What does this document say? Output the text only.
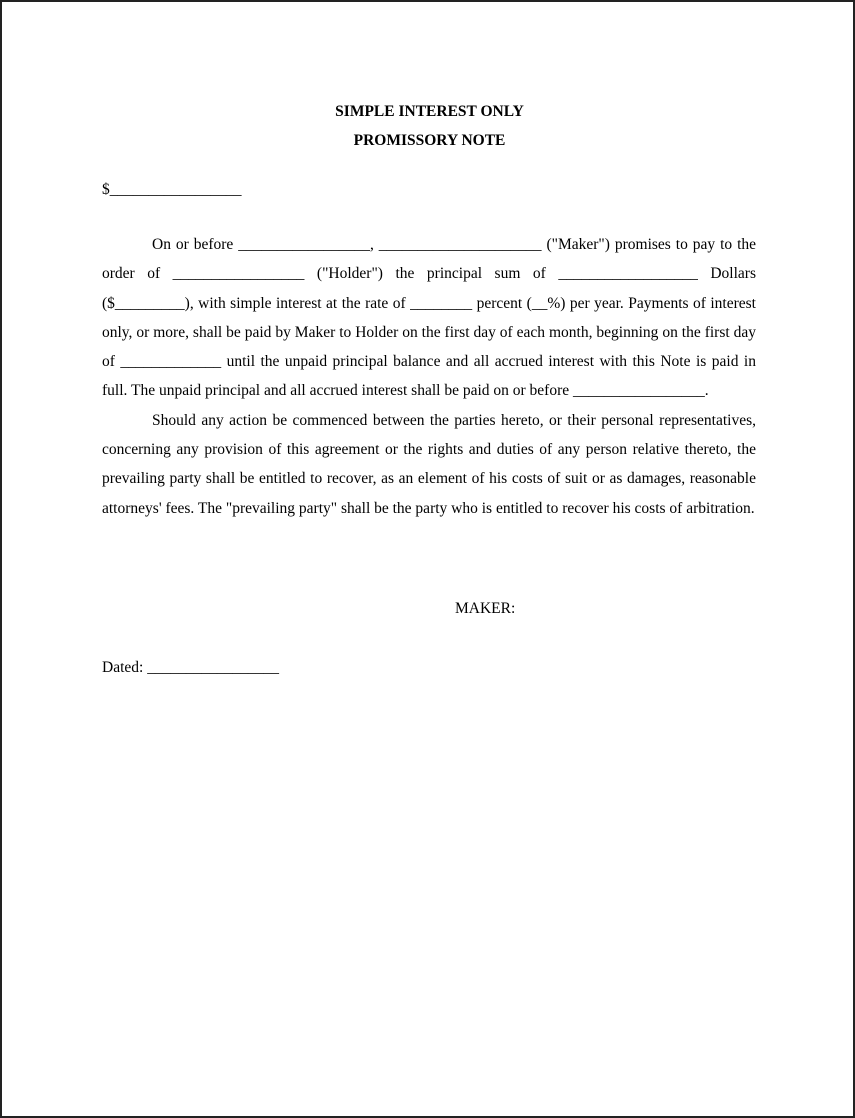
SIMPLE INTEREST ONLY
PROMISSORY NOTE
$_________________

On or before _________________, _____________________ ("Maker") promises to pay to the order of _________________ ("Holder") the principal sum of __________________ Dollars ($_________), with simple interest at the rate of ________ percent (__%) per year. Payments of interest only, or more, shall be paid by Maker to Holder on the first day of each month, beginning on the first day of _____________ until the unpaid principal balance and all accrued interest with this Note is paid in full. The unpaid principal and all accrued interest shall be paid on or before _________________.

Should any action be commenced between the parties hereto, or their personal representatives, concerning any provision of this agreement or the rights and duties of any person relative thereto, the prevailing party shall be entitled to recover, as an element of his costs of suit or as damages, reasonable attorneys' fees. The "prevailing party" shall be the party who is entitled to recover his costs of arbitration.

MAKER:
Dated: _________________
